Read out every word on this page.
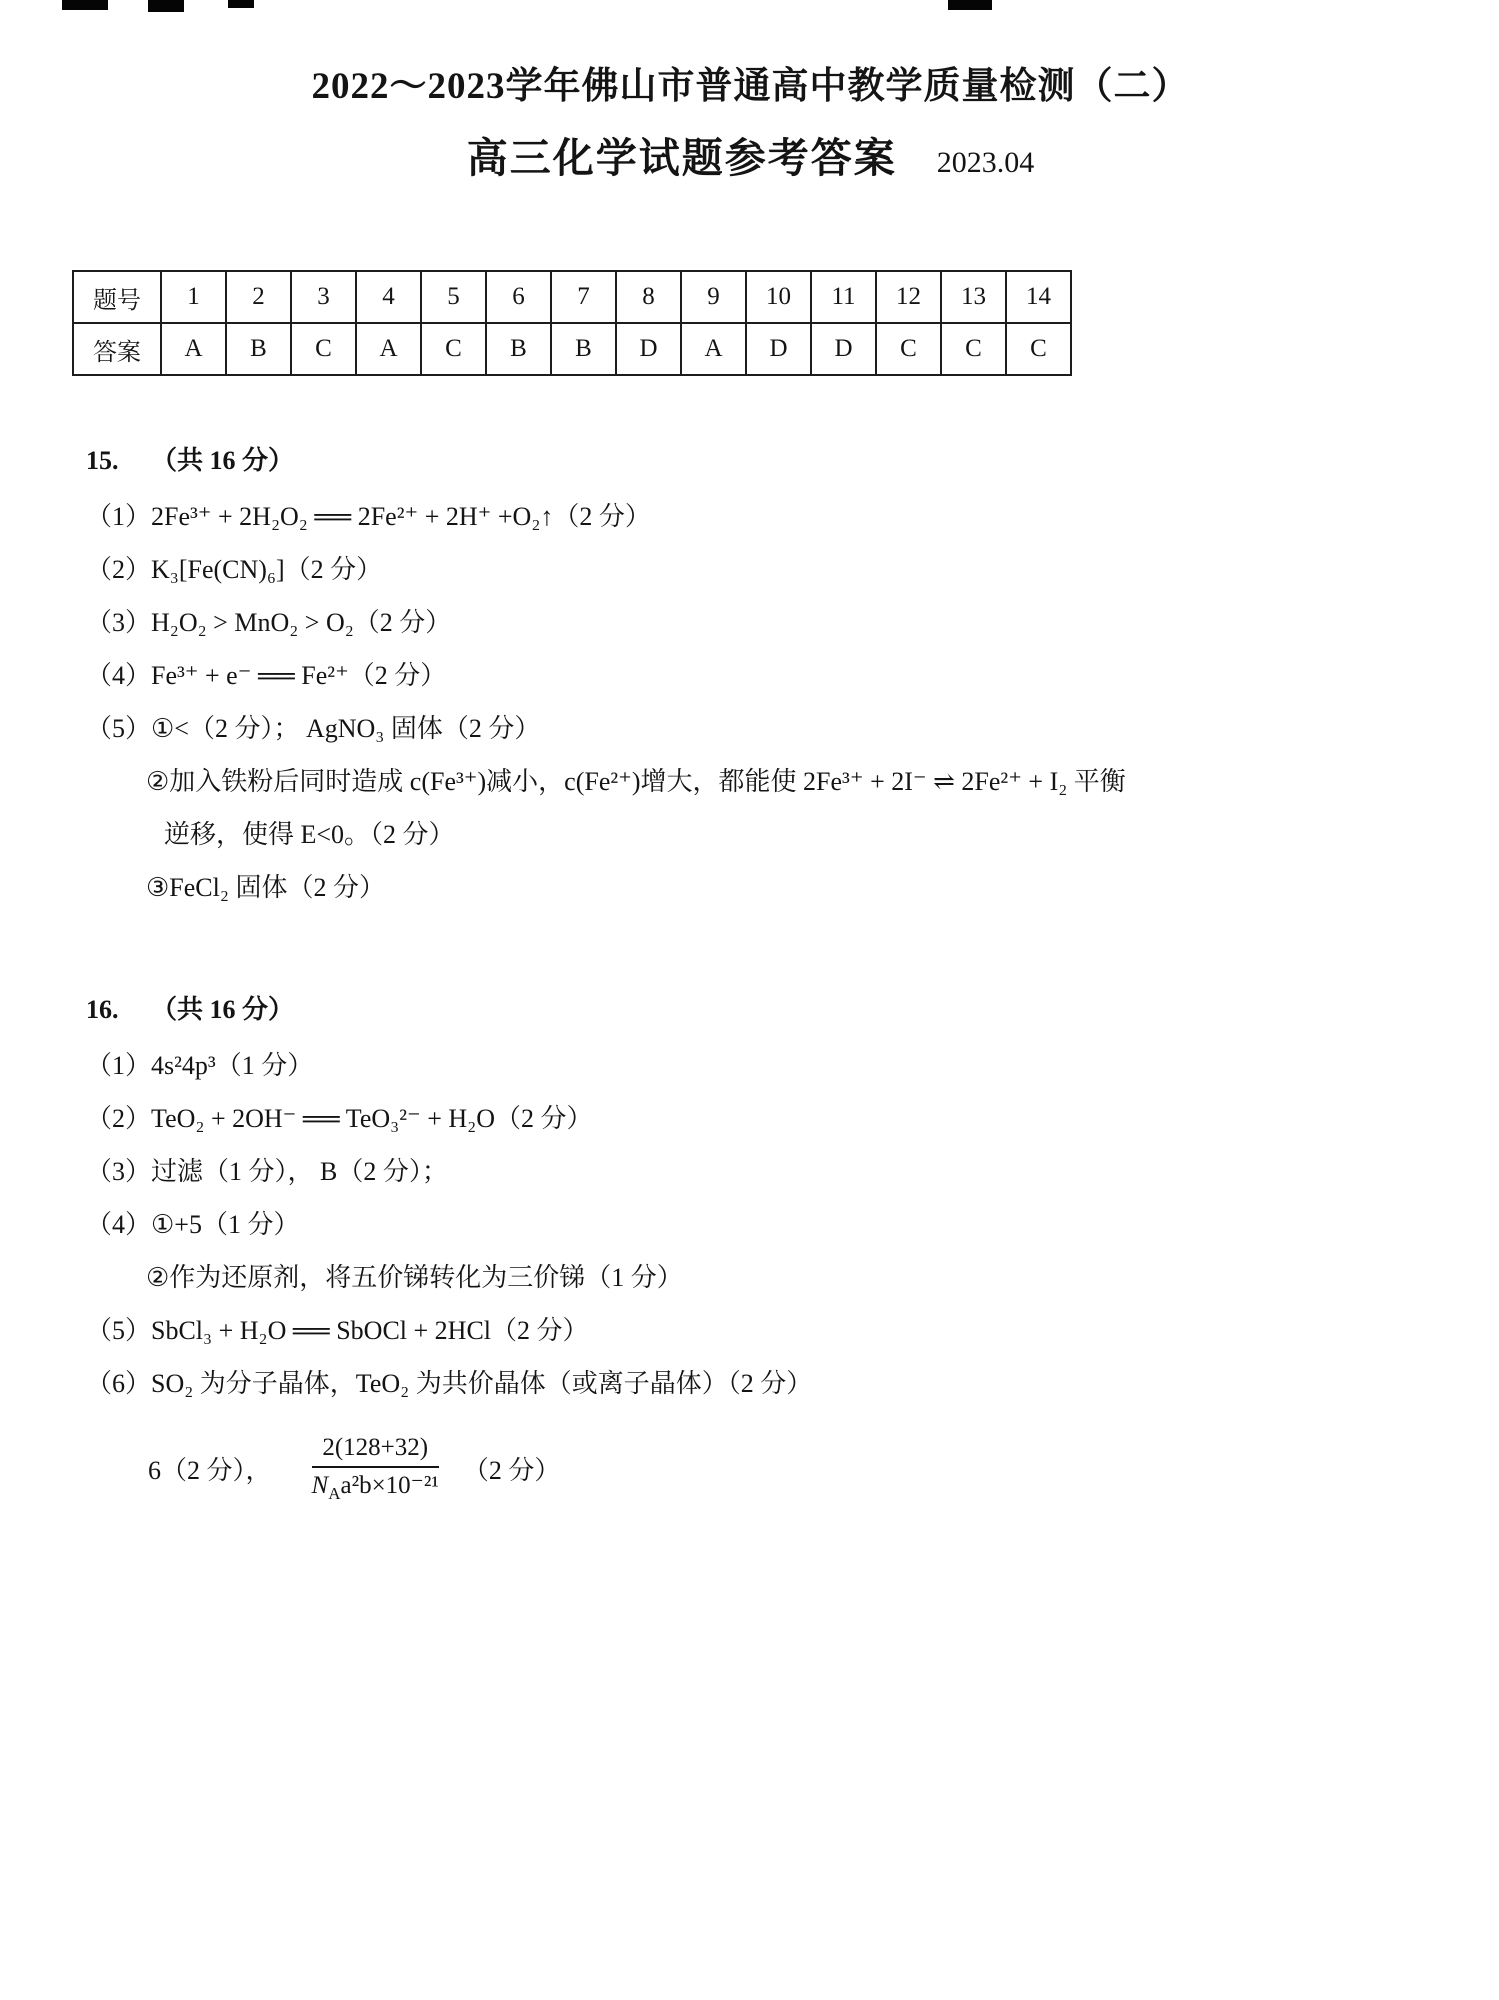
2022～2023学年佛山市普通高中教学质量检测（二）
高三化学试题参考答案 2023.04
题号	1	2	3	4	5	6	7	8	9	10	11	12	13	14
答案	A	B	C	A	C	B	B	D	A	D	D	C	C	C
15. （共 16 分）
（1）2Fe³⁺ + 2H₂O₂ ══ 2Fe²⁺ + 2H⁺ +O₂↑（2 分）
（2）K₃[Fe(CN)₆]（2 分）
（3）H₂O₂ > MnO₂ > O₂（2 分）
（4）Fe³⁺ + e⁻ ══ Fe²⁺（2 分）
（5）①<（2 分）； AgNO₃ 固体（2 分）
②加入铁粉后同时造成 c(Fe³⁺)减小，c(Fe²⁺)增大，都能使 2Fe³⁺ + 2I⁻ ⇌ 2Fe²⁺ + I₂ 平衡
逆移，使得 E<0。（2 分）
③FeCl₂ 固体（2 分）
16. （共 16 分）
（1）4s²4p³（1 分）
（2）TeO₂ + 2OH⁻ ══ TeO₃²⁻ + H₂O（2 分）
（3）过滤（1 分）， B（2 分）；
（4）①+5（1 分）
②作为还原剂，将五价锑转化为三价锑（1 分）
（5）SbCl₃ + H₂O ══ SbOCl + 2HCl（2 分）
（6）SO₂ 为分子晶体，TeO₂ 为共价晶体（或离子晶体）（2 分）
6（2 分）， $\frac{2(128+32)}{N_Aa^2b\times 10^{-21}} (2$ 分）
